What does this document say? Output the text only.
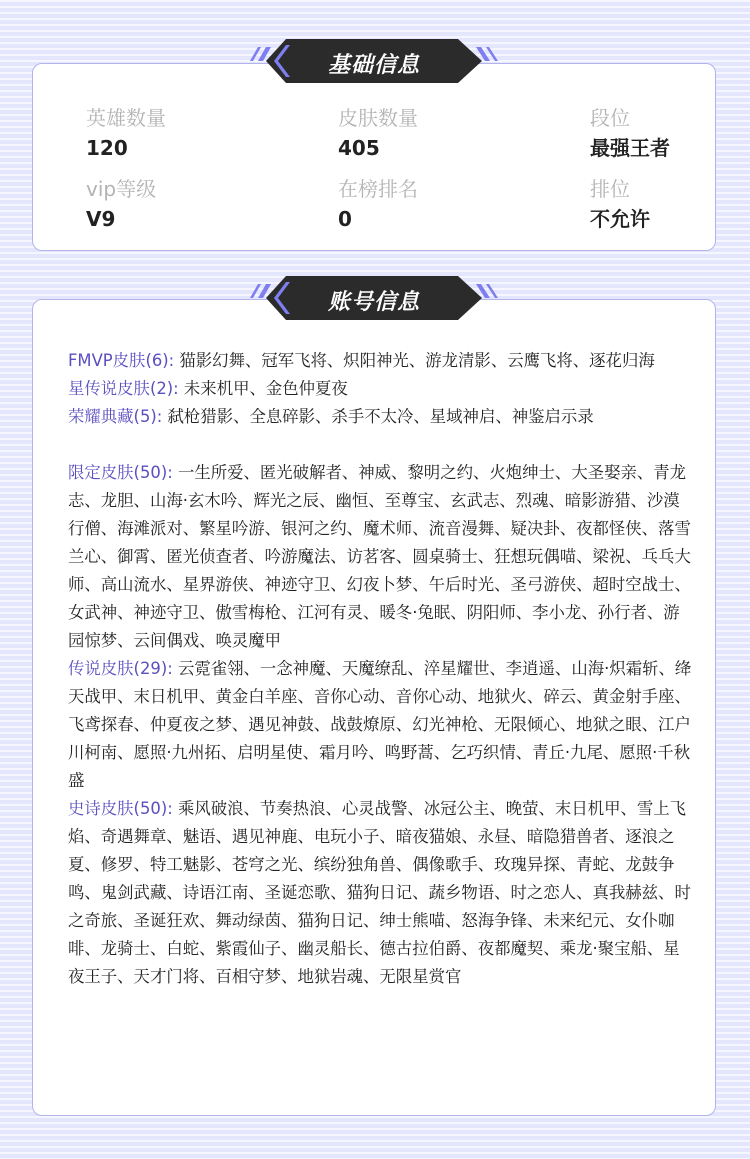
基础信息
英雄数量
120
皮肤数量
405
段位
最强王者
vip等级
V9
在榜排名
0
排位
不允许
账号信息

FMVP皮肤(6): 猫影幻舞、冠军飞将、炽阳神光、游龙清影、云鹰飞将、逐花归海

星传说皮肤(2): 未来机甲、金色仲夏夜

荣耀典藏(5): 弑枪猎影、全息碎影、杀手不太冷、星域神启、神鉴启示录

限定皮肤(50): 一生所爱、匿光破解者、神威、黎明之约、火炮绅士、大圣娶亲、青龙志、龙胆、山海·玄木吟、辉光之辰、幽恒、至尊宝、玄武志、烈魂、暗影游猎、沙漠行僧、海滩派对、繁星吟游、银河之约、魔术师、流音漫舞、疑决卦、夜都怪侠、落雪兰心、御霄、匿光侦查者、吟游魔法、访茗客、圆桌骑士、狂想玩偶喵、梁祝、乓乓大师、高山流水、星界游侠、神迹守卫、幻夜卜梦、午后时光、圣弓游侠、超时空战士、女武神、神迹守卫、傲雪梅枪、江河有灵、暖冬·兔眠、阴阳师、李小龙、孙行者、游园惊梦、云间偶戏、唤灵魔甲

传说皮肤(29): 云霓雀翎、一念神魔、天魔缭乱、淬星耀世、李逍遥、山海·炽霜斩、绛天战甲、末日机甲、黄金白羊座、音你心动、音你心动、地狱火、碎云、黄金射手座、飞鸢探春、仲夏夜之梦、遇见神鼓、战鼓燎原、幻光神枪、无限倾心、地狱之眼、江户川柯南、愿照·九州拓、启明星使、霜月吟、鸣野蒿、乞巧织情、青丘·九尾、愿照·千秋盛

史诗皮肤(50): 乘风破浪、节奏热浪、心灵战警、冰冠公主、晚萤、末日机甲、雪上飞焰、奇遇舞章、魅语、遇见神鹿、电玩小子、暗夜猫娘、永昼、暗隐猎兽者、逐浪之夏、修罗、特工魅影、苍穹之光、缤纷独角兽、偶像歌手、玫瑰异探、青蛇、龙鼓争鸣、鬼剑武藏、诗语江南、圣诞恋歌、猫狗日记、蔬乡物语、时之恋人、真我赫兹、时之奇旅、圣诞狂欢、舞动绿茵、猫狗日记、绅士熊喵、怒海争锋、未来纪元、女仆咖啡、龙骑士、白蛇、紫霞仙子、幽灵船长、德古拉伯爵、夜都魔契、乘龙·聚宝船、星夜王子、天才门将、百相守梦、地狱岩魂、无限星赏官
